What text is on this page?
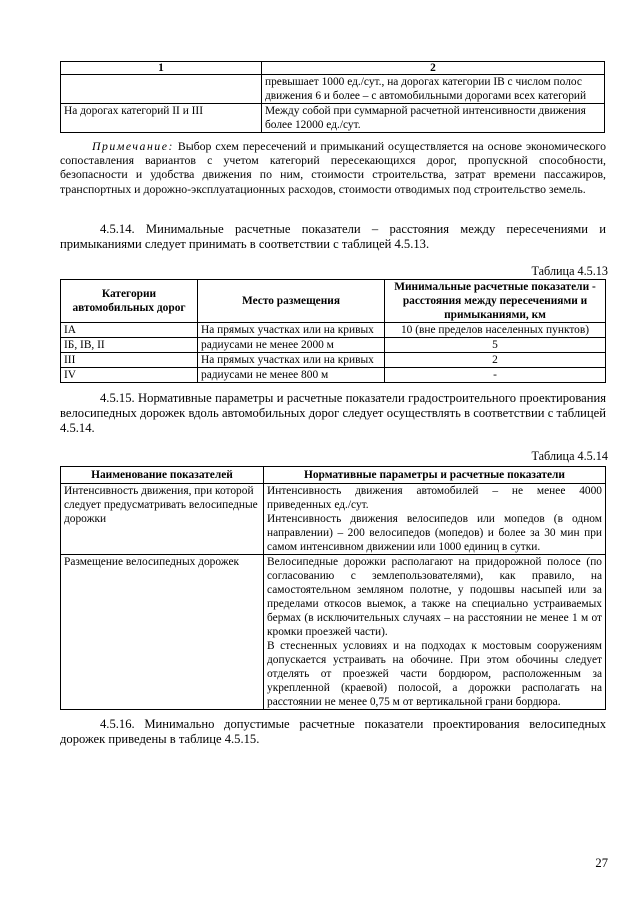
1	2
	превышает 1000 ед./сут., на дорогах категории IB с числом полос движения 6 и более – с автомобильными дорогами всех категорий
На дорогах категорий II и III	Между собой при суммарной расчетной интенсивности движения более 12000 ед./сут.

Примечание: Выбор схем пересечений и примыканий осуществляется на основе экономического сопоставления вариантов с учетом категорий пересекающихся дорог, пропускной способности, безопасности и удобства движения по ним, стоимости строительства, затрат времени пассажиров, транспортных и дорожно-эксплуатационных расходов, стоимости отводимых под строительство земель.

4.5.14. Минимальные расчетные показатели – расстояния между пересечениями и примыканиями следует принимать в соответствии с таблицей 4.5.13.

Таблица 4.5.13
Категории автомобильных дорог	Место размещения	Минимальные расчетные показатели - расстояния между пересечениями и примыканиями, км
IA	На прямых участках или на кривых	10 (вне пределов населенных пунктов)
IБ, IB, II	радиусами не менее 2000 м	5
III	На прямых участках или на кривых	2
IV	радиусами не менее 800 м	-

4.5.15. Нормативные параметры и расчетные показатели градостроительного проектирования велосипедных дорожек вдоль автомобильных дорог следует осуществлять в соответствии с таблицей 4.5.14.

Таблица 4.5.14
Наименование показателей	Нормативные параметры и расчетные показатели
Интенсивность движения, при которой следует предусматривать велосипедные дорожки	Интенсивность движения автомобилей – не менее 4000 приведенных ед./сут.
Интенсивность движения велосипедов или мопедов (в одном направлении) – 200 велосипедов (мопедов) и более за 30 мин при самом интенсивном движении или 1000 единиц в сутки.

Размещение велосипедных дорожек	Велосипедные дорожки располагают на придорожной полосе (по согласованию с землепользователями), как правило, на самостоятельном земляном полотне, у подошвы насыпей или за пределами откосов выемок, а также на специально устраиваемых бермах (в исключительных случаях – на расстоянии не менее 1 м от кромки проезжей части).
В стесненных условиях и на подходах к мостовым сооружениям допускается устраивать на обочине. При этом обочины следует отделять от проезжей части бордюром, расположенным за укрепленной (краевой) полосой, а дорожки располагать на расстоянии не менее 0,75 м от вертикальной грани бордюра.

4.5.16. Минимально допустимые расчетные показатели проектирования велосипедных дорожек приведены в таблице 4.5.15.

27
